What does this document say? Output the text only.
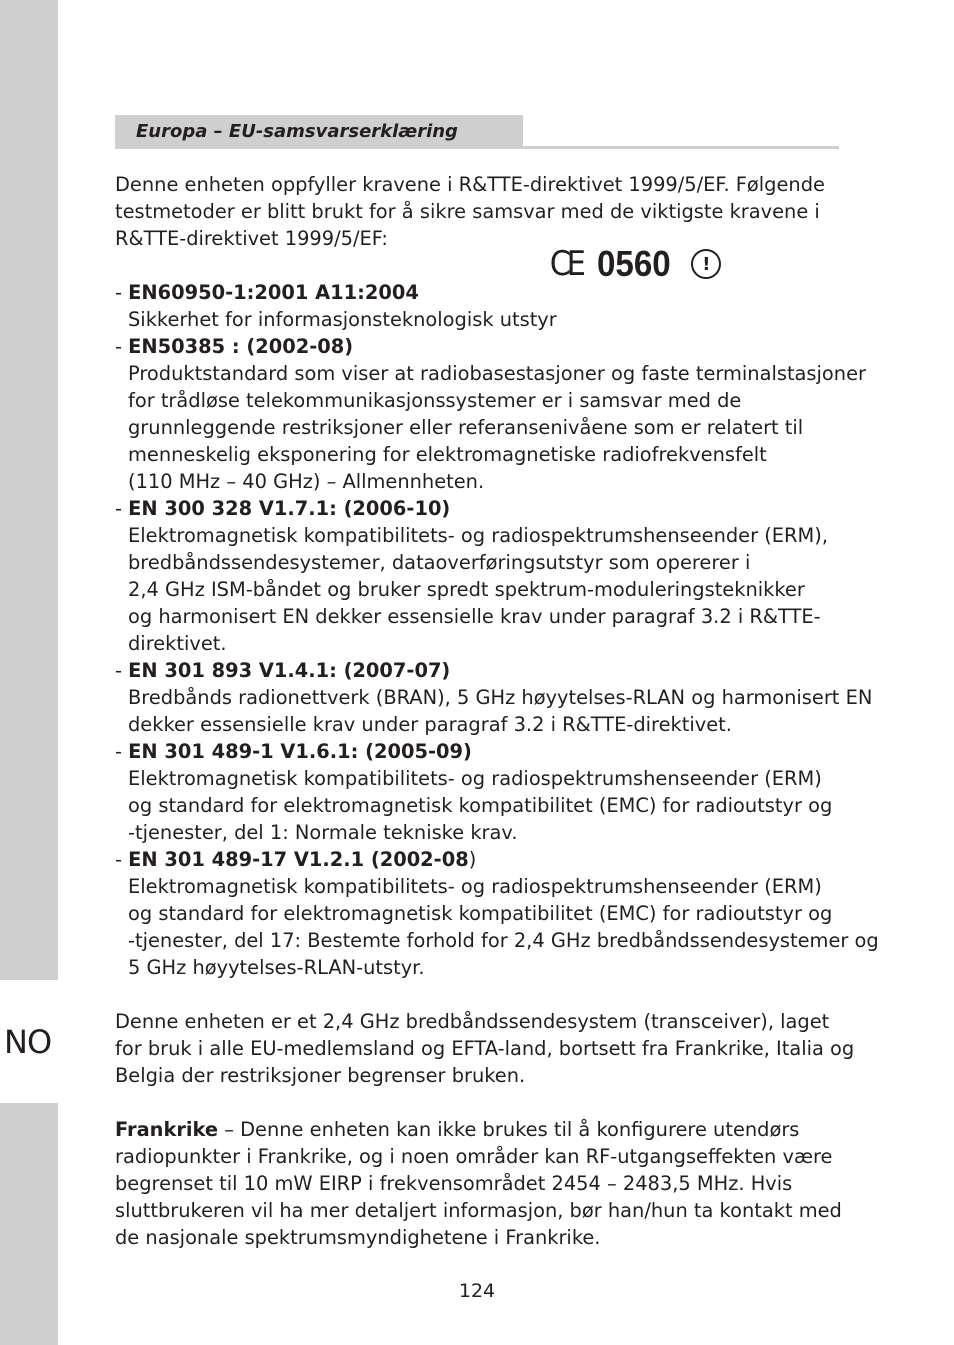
NO
Europa – EU-samsvarserklæring
CE 0560	!

Denne enheten oppfyller kravene i R&TTE-direktivet 1999/5/EF. Følgende

testmetoder er blitt brukt for å sikre samsvar med de viktigste kravene i

R&TTE-direktivet 1999/5/EF:

- EN60950-1:2001 A11:2004

Sikkerhet for informasjonsteknologisk utstyr

- EN50385 : (2002-08)

Produktstandard som viser at radiobasestasjoner og faste terminalstasjoner

for trådløse telekommunikasjonssystemer er i samsvar med de

grunnleggende restriksjoner eller referansenivåene som er relatert til

menneskelig eksponering for elektromagnetiske radiofrekvensfelt

(110 MHz – 40 GHz) – Allmennheten.

- EN 300 328 V1.7.1: (2006-10)

Elektromagnetisk kompatibilitets- og radiospektrumshenseender (ERM),

bredbåndssendesystemer, dataoverføringsutstyr som opererer i

2,4 GHz ISM-båndet og bruker spredt spektrum-moduleringsteknikker

og harmonisert EN dekker essensielle krav under paragraf 3.2 i R&TTE-

direktivet.

- EN 301 893 V1.4.1: (2007-07)

Bredbånds radionettverk (BRAN), 5 GHz høyytelses-RLAN og harmonisert EN

dekker essensielle krav under paragraf 3.2 i R&TTE-direktivet.

- EN 301 489-1 V1.6.1: (2005-09)

Elektromagnetisk kompatibilitets- og radiospektrumshenseender (ERM)

og standard for elektromagnetisk kompatibilitet (EMC) for radioutstyr og

-tjenester, del 1: Normale tekniske krav.

- EN 301 489-17 V1.2.1 (2002-08)

Elektromagnetisk kompatibilitets- og radiospektrumshenseender (ERM)

og standard for elektromagnetisk kompatibilitet (EMC) for radioutstyr og

-tjenester, del 17: Bestemte forhold for 2,4 GHz bredbåndssendesystemer og

5 GHz høyytelses-RLAN-utstyr.

Denne enheten er et 2,4 GHz bredbåndssendesystem (transceiver), laget

for bruk i alle EU-medlemsland og EFTA-land, bortsett fra Frankrike, Italia og

Belgia der restriksjoner begrenser bruken.

Frankrike – Denne enheten kan ikke brukes til å konfigurere utendørs

radiopunkter i Frankrike, og i noen områder kan RF-utgangseffekten være

begrenset til 10 mW EIRP i frekvensområdet 2454 – 2483,5 MHz. Hvis

sluttbrukeren vil ha mer detaljert informasjon, bør han/hun ta kontakt med

de nasjonale spektrumsmyndighetene i Frankrike.

124
